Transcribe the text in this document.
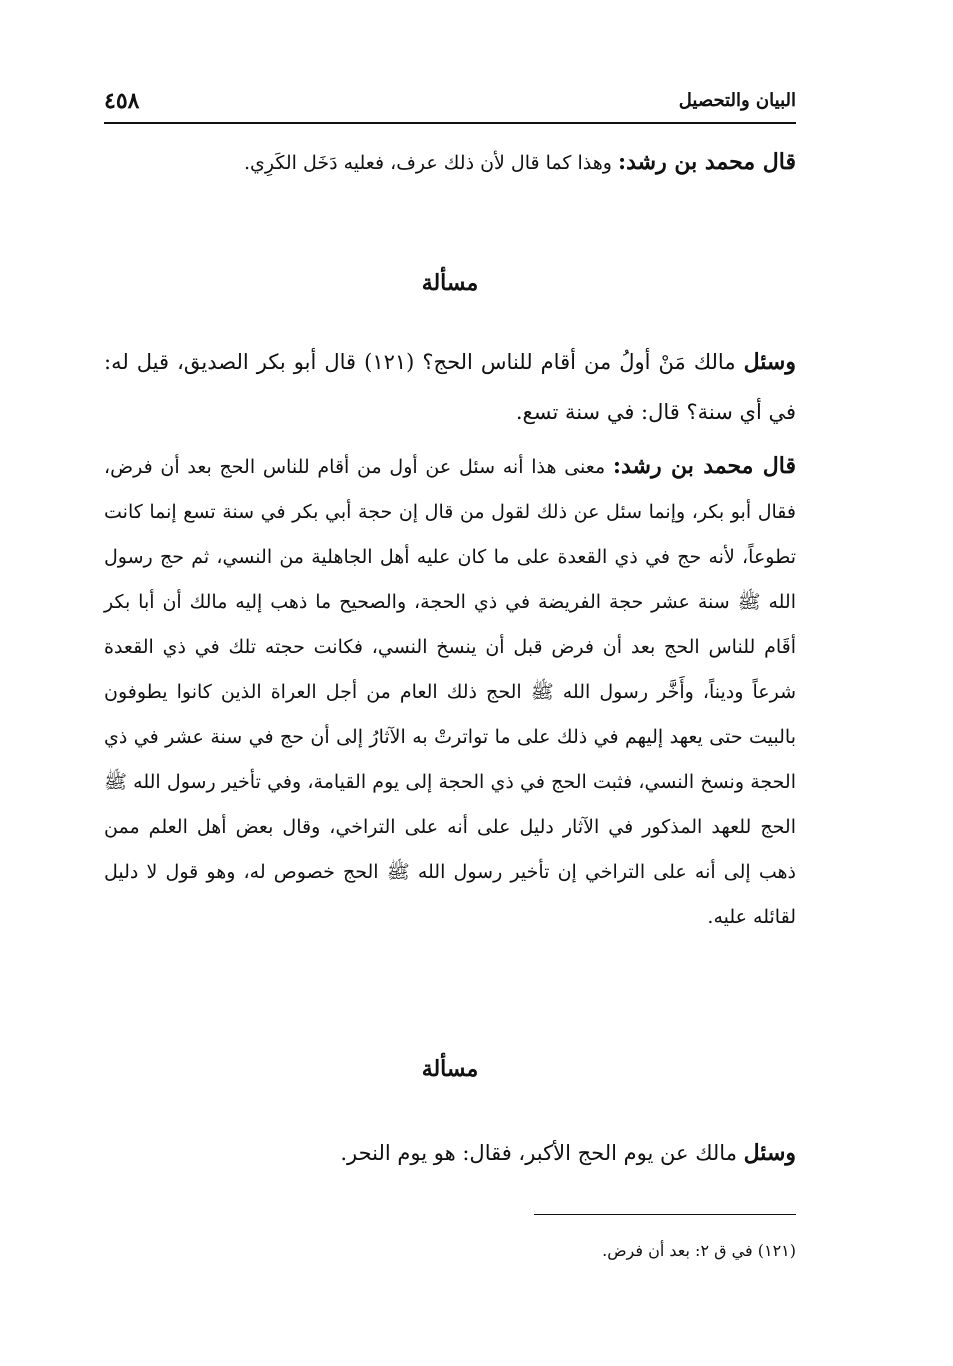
البيان والتحصيل
٤٥٨

قال محمد بن رشد: وهذا كما قال لأن ذلك عرف، فعليه دَخَل الكَرِي.

مسألة

وسئل مالك مَنْ أولُ من أقام للناس الحج؟ (١٢١) قال أبو بكر الصديق، قيل له: في أي سنة؟ قال: في سنة تسع.

قال محمد بن رشد: معنى هذا أنه سئل عن أول من أقام للناس الحج بعد أن فرض، فقال أبو بكر، وإنما سئل عن ذلك لقول من قال إن حجة أبي بكر في سنة تسع إنما كانت تطوعاً، لأنه حج في ذي القعدة على ما كان عليه أهل الجاهلية من النسي، ثم حج رسول الله ﷺ سنة عشر حجة الفريضة في ذي الحجة، والصحيح ما ذهب إليه مالك أن أبا بكر أقَام للناس الحج بعد أن فرض قبل أن ينسخ النسي، فكانت حجته تلك في ذي القعدة شرعاً وديناً، وأَخَّر رسول الله ﷺ الحج ذلك العام من أجل العراة الذين كانوا يطوفون بالبيت حتى يعهد إليهم في ذلك على ما تواترتْ به الآثارُ إلى أن حج في سنة عشر في ذي الحجة ونسخ النسي، فثبت الحج في ذي الحجة إلى يوم القيامة، وفي تأخير رسول الله ﷺ الحج للعهد المذكور في الآثار دليل على أنه على التراخي، وقال بعض أهل العلم ممن ذهب إلى أنه على التراخي إن تأخير رسول الله ﷺ الحج خصوص له، وهو قول لا دليل لقائله عليه.

مسألة

وسئل مالك عن يوم الحج الأكبر، فقال: هو يوم النحر.

(١٢١) في ق ٢: بعد أن فرض.
